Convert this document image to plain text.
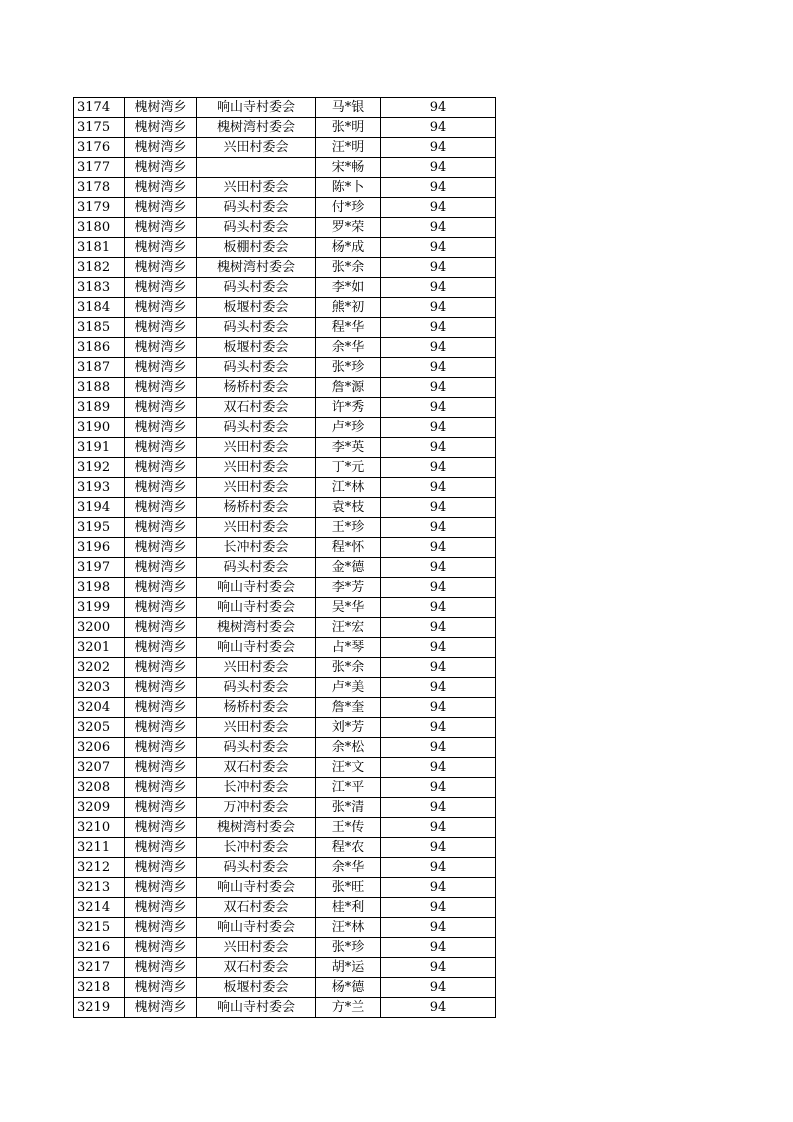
3174	槐树湾乡	响山寺村委会	马*银	94
3175	槐树湾乡	槐树湾村委会	张*明	94
3176	槐树湾乡	兴田村委会	汪*明	94
3177	槐树湾乡		宋*畅	94
3178	槐树湾乡	兴田村委会	陈*卜	94
3179	槐树湾乡	码头村委会	付*珍	94
3180	槐树湾乡	码头村委会	罗*荣	94
3181	槐树湾乡	板棚村委会	杨*成	94
3182	槐树湾乡	槐树湾村委会	张*余	94
3183	槐树湾乡	码头村委会	李*如	94
3184	槐树湾乡	板堰村委会	熊*初	94
3185	槐树湾乡	码头村委会	程*华	94
3186	槐树湾乡	板堰村委会	余*华	94
3187	槐树湾乡	码头村委会	张*珍	94
3188	槐树湾乡	杨桥村委会	詹*源	94
3189	槐树湾乡	双石村委会	许*秀	94
3190	槐树湾乡	码头村委会	卢*珍	94
3191	槐树湾乡	兴田村委会	李*英	94
3192	槐树湾乡	兴田村委会	丁*元	94
3193	槐树湾乡	兴田村委会	江*林	94
3194	槐树湾乡	杨桥村委会	袁*枝	94
3195	槐树湾乡	兴田村委会	王*珍	94
3196	槐树湾乡	长冲村委会	程*怀	94
3197	槐树湾乡	码头村委会	金*德	94
3198	槐树湾乡	响山寺村委会	李*芳	94
3199	槐树湾乡	响山寺村委会	吴*华	94
3200	槐树湾乡	槐树湾村委会	汪*宏	94
3201	槐树湾乡	响山寺村委会	占*琴	94
3202	槐树湾乡	兴田村委会	张*余	94
3203	槐树湾乡	码头村委会	卢*美	94
3204	槐树湾乡	杨桥村委会	詹*奎	94
3205	槐树湾乡	兴田村委会	刘*芳	94
3206	槐树湾乡	码头村委会	余*松	94
3207	槐树湾乡	双石村委会	汪*文	94
3208	槐树湾乡	长冲村委会	江*平	94
3209	槐树湾乡	万冲村委会	张*清	94
3210	槐树湾乡	槐树湾村委会	王*传	94
3211	槐树湾乡	长冲村委会	程*农	94
3212	槐树湾乡	码头村委会	余*华	94
3213	槐树湾乡	响山寺村委会	张*旺	94
3214	槐树湾乡	双石村委会	桂*利	94
3215	槐树湾乡	响山寺村委会	汪*林	94
3216	槐树湾乡	兴田村委会	张*珍	94
3217	槐树湾乡	双石村委会	胡*运	94
3218	槐树湾乡	板堰村委会	杨*德	94
3219	槐树湾乡	响山寺村委会	方*兰	94
